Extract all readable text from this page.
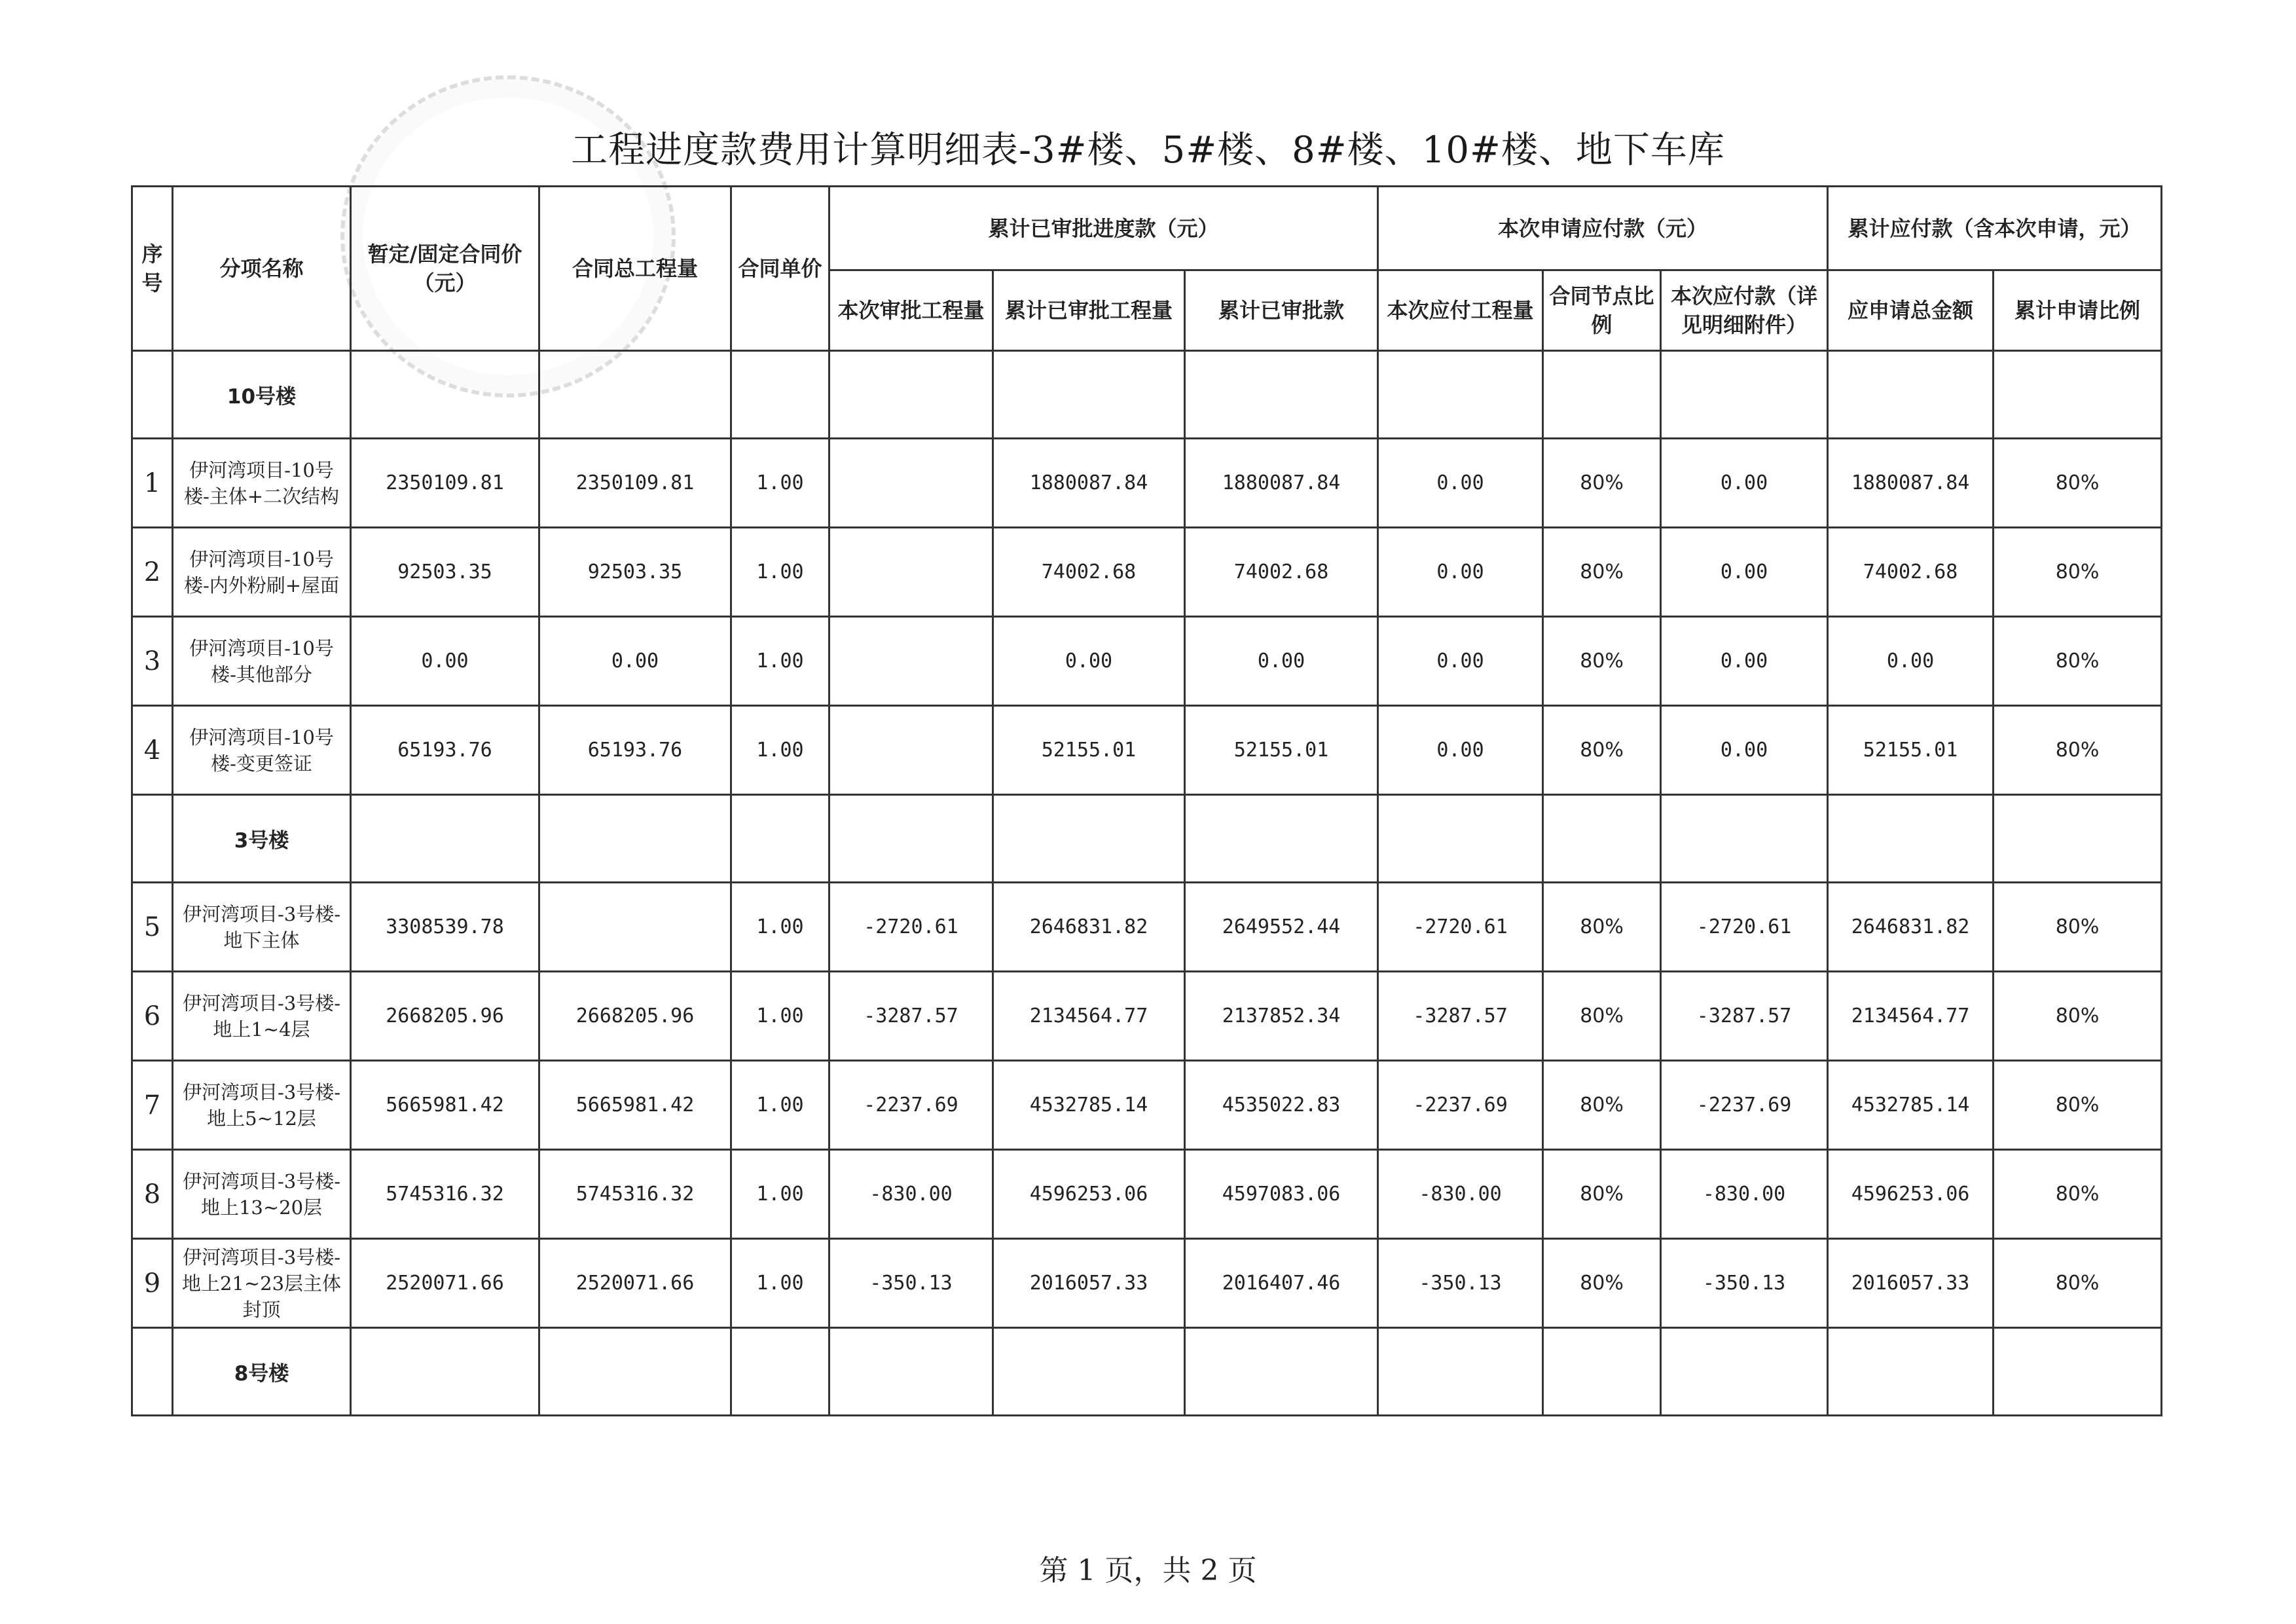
工程进度款费用计算明细表-3#楼、5#楼、8#楼、10#楼、地下车库
序号	分项名称	暂定/固定合同价（元）	合同总工程量	合同单价	累计已审批进度款（元）			本次申请应付款（元）			累计应付款（含本次申请，元）	
					本次审批工程量	累计已审批工程量	累计已审批款	本次应付工程量	合同节点比例	本次应付款（详见明细附件）	应申请总金额	累计申请比例
	10号楼											
1	伊河湾项目-10号楼-主体+二次结构	2350109.81	2350109.81	1.00		1880087.84	1880087.84	0.00	80%	0.00	1880087.84	80%
2	伊河湾项目-10号楼-内外粉刷+屋面	92503.35	92503.35	1.00		74002.68	74002.68	0.00	80%	0.00	74002.68	80%
3	伊河湾项目-10号楼-其他部分	0.00	0.00	1.00		0.00	0.00	0.00	80%	0.00	0.00	80%
4	伊河湾项目-10号楼-变更签证	65193.76	65193.76	1.00		52155.01	52155.01	0.00	80%	0.00	52155.01	80%
	3号楼											
5	伊河湾项目-3号楼-地下主体	3308539.78		1.00	-2720.61	2646831.82	2649552.44	-2720.61	80%	-2720.61	2646831.82	80%
6	伊河湾项目-3号楼-地上1~4层	2668205.96	2668205.96	1.00	-3287.57	2134564.77	2137852.34	-3287.57	80%	-3287.57	2134564.77	80%
7	伊河湾项目-3号楼-地上5~12层	5665981.42	5665981.42	1.00	-2237.69	4532785.14	4535022.83	-2237.69	80%	-2237.69	4532785.14	80%
8	伊河湾项目-3号楼-地上13~20层	5745316.32	5745316.32	1.00	-830.00	4596253.06	4597083.06	-830.00	80%	-830.00	4596253.06	80%
9	伊河湾项目-3号楼-地上21~23层主体封顶	2520071.66	2520071.66	1.00	-350.13	2016057.33	2016407.46	-350.13	80%	-350.13	2016057.33	80%
	8号楼											
第 1 页，共 2 页
